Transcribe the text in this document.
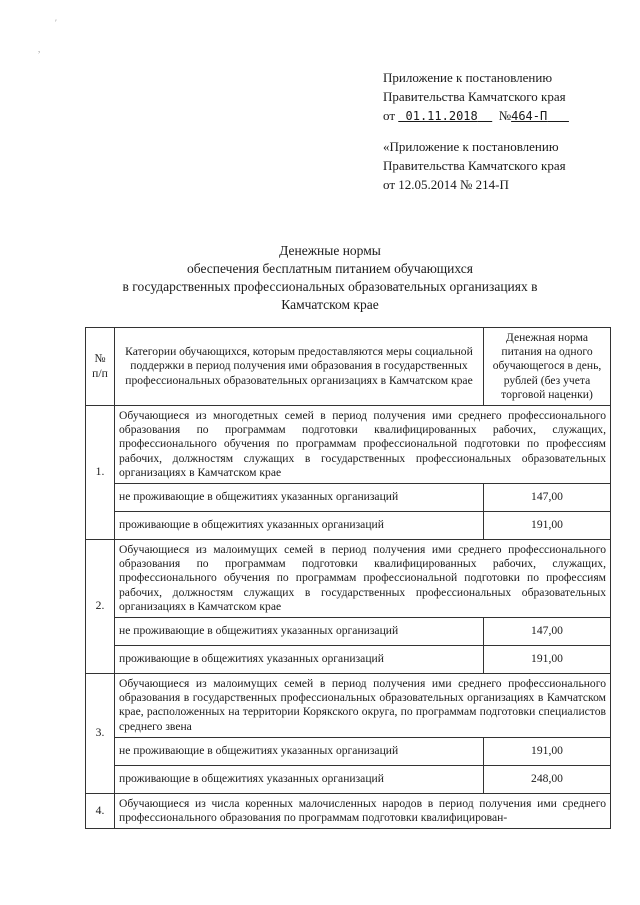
′
,
Приложение к постановлению
Правительства Камчатского края
от 01.11.2018 №464-П
«Приложение к постановлению
Правительства Камчатского края
от 12.05.2014 № 214-П
Денежные нормы
обеспечения бесплатным питанием обучающихся
в государственных профессиональных образовательных организациях в
Камчатском крае
№ п/п	Категории обучающихся, которым предоставляются меры социальной поддержки в период получения ими образования в государственных профессиональных образовательных организациях в Камчатском крае	Денежная норма питания на одного обучающегося в день, рублей (без учета торговой наценки)
1.	Обучающиеся из многодетных семей в период получения ими среднего профессионального образования по программам подготовки квалифицированных рабочих, служащих, профессионального обучения по программам профессиональной подготовки по профессиям рабочих, должностям служащих в государственных профессиональных образовательных организациях в Камчатском крае	
	не проживающие в общежитиях указанных организаций	147,00
	проживающие в общежитиях указанных организаций	191,00
2.	Обучающиеся из малоимущих семей в период получения ими среднего профессионального образования по программам подготовки квалифицированных рабочих, служащих, профессионального обучения по программам профессиональной подготовки по профессиям рабочих, должностям служащих в государственных профессиональных образовательных организациях в Камчатском крае	
	не проживающие в общежитиях указанных организаций	147,00
	проживающие в общежитиях указанных организаций	191,00
3.	Обучающиеся из малоимущих семей в период получения ими среднего профессионального образования в государственных профессиональных образовательных организациях в Камчатском крае, расположенных на территории Корякского округа, по программам подготовки специалистов среднего звена	
	не проживающие в общежитиях указанных организаций	191,00
	проживающие в общежитиях указанных организаций	248,00
4.	Обучающиеся из числа коренных малочисленных народов в период получения ими среднего профессионального образования по программам подготовки квалифицирован-	
